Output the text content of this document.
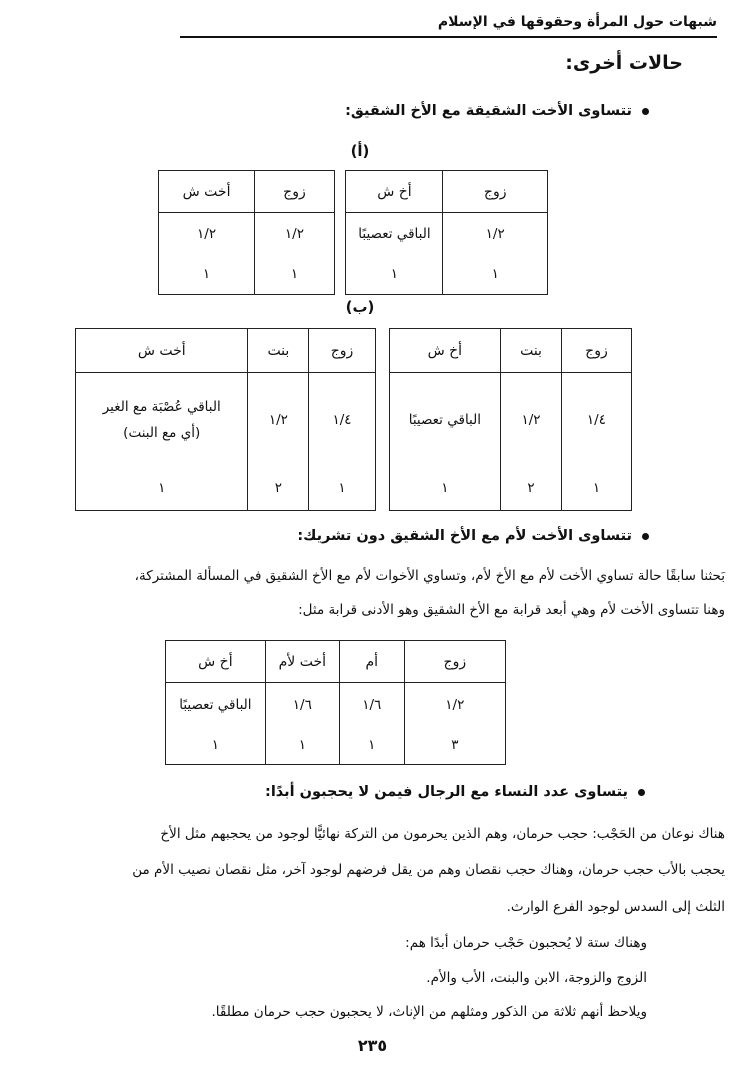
شبهات حول المرأة وحقوقها في الإسلام
حالات أخرى:
تتساوى الأخت الشقيقة مع الأخ الشقيق:
(أ)
زوج	أخ ش		زوج	أخت ش
١/٢	الباقي تعصيبًا		١/٢	١/٢
١	١		١	١
(ب)
زوج	بنت	أخ ش		زوج	بنت	أخت ش
١/٤	١/٢	الباقي تعصيبًا		١/٤	١/٢	الباقي عُصْبَة مع الغير
(أي مع البنت)

١	٢	١		١	٢	١
تتساوى الأخت لأم مع الأخ الشقيق دون تشريك:
بَحثنا سابقًا حالة تساوي الأخت لأم مع الأخ لأم، وتساوي الأخوات لأم مع الأخ الشقيق في المسألة المشتركة،
وهنا تتساوى الأخت لأم وهي أبعد قرابة مع الأخ الشقيق وهو الأدنى قرابة مثل:
زوج	أم	أخت لأم	أخ ش
١/٢	١/٦	١/٦	الباقي تعصيبًا
٣	١	١	١
يتساوى عدد النساء مع الرجال فيمن لا يحجبون أبدًا:
هناك نوعان من الحَجْب: حجب حرمان، وهم الذين يحرمون من التركة نهائيًّا لوجود من يحجبهم مثل الأخ
يحجب بالأب حجب حرمان، وهناك حجب نقصان وهم من يقل فرضهم لوجود آخر، مثل نقصان نصيب الأم من
الثلث إلى السدس لوجود الفرع الوارث.
وهناك ستة لا يُحجبون حَجْب حرمان أبدًا هم:
الزوج والزوجة، الابن والبنت، الأب والأم.
ويلاحظ أنهم ثلاثة من الذكور ومثلهم من الإناث، لا يحجبون حجب حرمان مطلقًا.
٢٣٥
